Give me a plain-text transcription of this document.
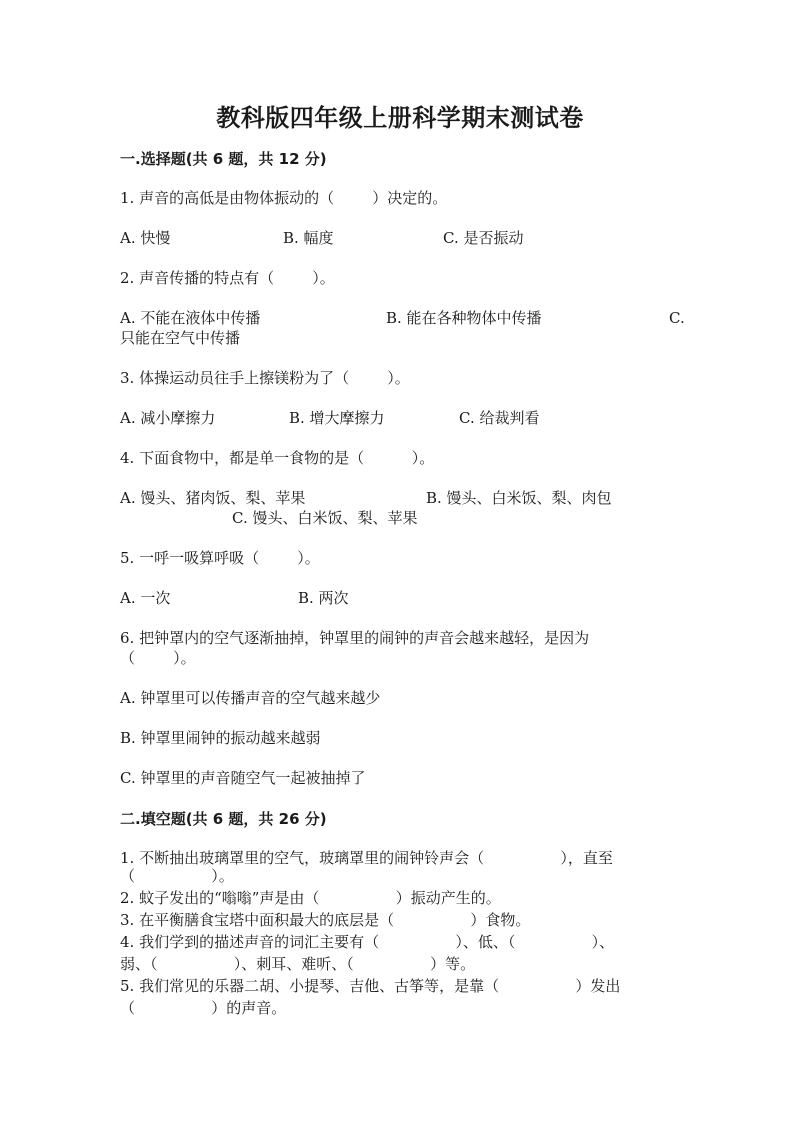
教科版四年级上册科学期末测试卷
一.选择题(共 6 题，共 12 分)
1. 声音的高低是由物体振动的（        ）决定的。
A. 快慢	B. 幅度	C. 是否振动
2. 声音传播的特点有（        ）。
A. 不能在液体中传播	B. 能在各种物体中传播	C.
只能在空气中传播
3. 体操运动员往手上擦镁粉为了（        ）。
A. 减小摩擦力	B. 增大摩擦力	C. 给裁判看
4. 下面食物中，都是单一食物的是（          ）。
A. 馒头、猪肉饭、梨、苹果	B. 馒头、白米饭、梨、肉包
C. 馒头、白米饭、梨、苹果
5. 一呼一吸算呼吸（        ）。
A. 一次	B. 两次
6. 把钟罩内的空气逐渐抽掉，钟罩里的闹钟的声音会越来越轻，是因为
（        ）。
A. 钟罩里可以传播声音的空气越来越少
B. 钟罩里闹钟的振动越来越弱
C. 钟罩里的声音随空气一起被抽掉了
二.填空题(共 6 题，共 26 分)
1. 不断抽出玻璃罩里的空气，玻璃罩里的闹钟铃声会（                ），直至
（                ）。
2. 蚊子发出的“嗡嗡”声是由（                ）振动产生的。
3. 在平衡膳食宝塔中面积最大的底层是（                ）食物。
4. 我们学到的描述声音的词汇主要有（                ）、低、（                ）、
弱、（                ）、刺耳、难听、（                ）等。
5. 我们常见的乐器二胡、小提琴、吉他、古筝等，是靠（                ）发出
（                ）的声音。
